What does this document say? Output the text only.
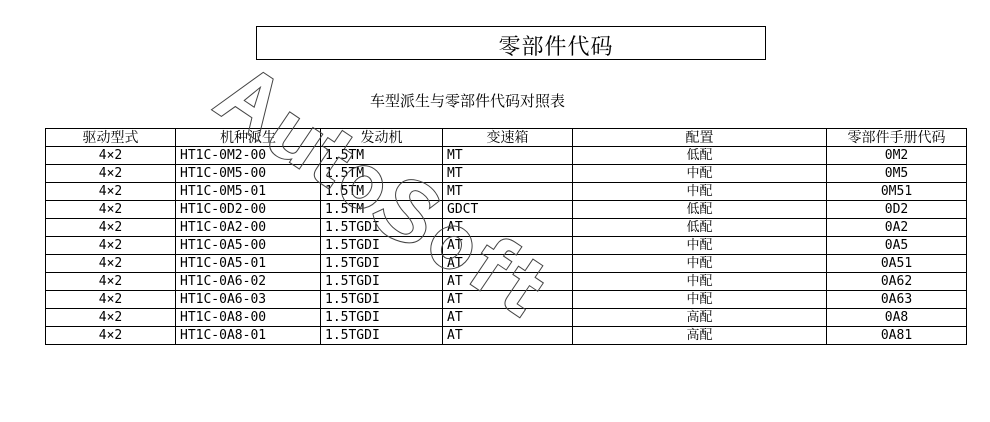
零部件代码
车型派生与零部件代码对照表
驱动型式	机种派生	发动机	变速箱	配置	零部件手册代码
4×2	HT1C-0M2-00	1.5TM	MT	低配	0M2
4×2	HT1C-0M5-00	1.5TM	MT	中配	0M5
4×2	HT1C-0M5-01	1.5TM	MT	中配	0M51
4×2	HT1C-0D2-00	1.5TM	GDCT	低配	0D2
4×2	HT1C-0A2-00	1.5TGDI	AT	低配	0A2
4×2	HT1C-0A5-00	1.5TGDI	AT	中配	0A5
4×2	HT1C-0A5-01	1.5TGDI	AT	中配	0A51
4×2	HT1C-0A6-02	1.5TGDI	AT	中配	0A62
4×2	HT1C-0A6-03	1.5TGDI	AT	中配	0A63
4×2	HT1C-0A8-00	1.5TGDI	AT	高配	0A8
4×2	HT1C-0A8-01	1.5TGDI	AT	高配	0A81
